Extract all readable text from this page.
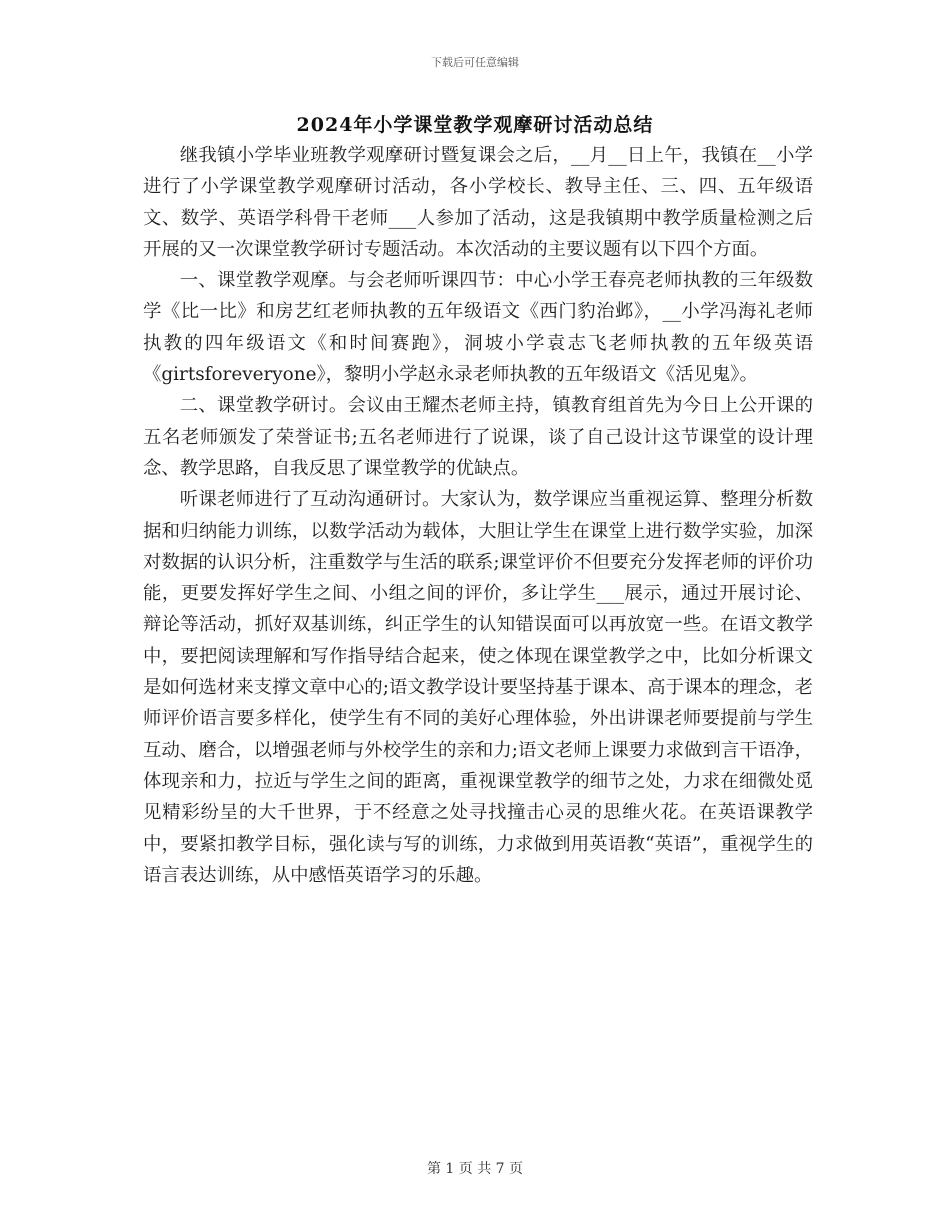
下载后可任意编辑
2024年小学课堂教学观摩研讨活动总结

继我镇小学毕业班教学观摩研讨暨复课会之后，__月__日上午，我镇在__小学进行了小学课堂教学观摩研讨活动，各小学校长、教导主任、三、四、五年级语文、数学、英语学科骨干老师___人参加了活动，这是我镇期中教学质量检测之后开展的又一次课堂教学研讨专题活动。本次活动的主要议题有以下四个方面。

一、课堂教学观摩。与会老师听课四节：中心小学王春亮老师执教的三年级数学《比一比》和房艺红老师执教的五年级语文《西门豹治邺》，__小学冯海礼老师执教的四年级语文《和时间赛跑》，洞坡小学袁志飞老师执教的五年级英语《girtsforeveryone》，黎明小学赵永录老师执教的五年级语文《活见鬼》。

二、课堂教学研讨。会议由王耀杰老师主持，镇教育组首先为今日上公开课的五名老师颁发了荣誉证书;五名老师进行了说课，谈了自己设计这节课堂的设计理念、教学思路，自我反思了课堂教学的优缺点。

听课老师进行了互动沟通研讨。大家认为，数学课应当重视运算、整理分析数据和归纳能力训练，以数学活动为载体，大胆让学生在课堂上进行数学实验，加深对数据的认识分析，注重数学与生活的联系;课堂评价不但要充分发挥老师的评价功能，更要发挥好学生之间、小组之间的评价，多让学生___展示，通过开展讨论、辩论等活动，抓好双基训练，纠正学生的认知错误面可以再放宽一些。在语文教学中，要把阅读理解和写作指导结合起来，使之体现在课堂教学之中，比如分析课文是如何选材来支撑文章中心的;语文教学设计要坚持基于课本、高于课本的理念，老师评价语言要多样化，使学生有不同的美好心理体验，外出讲课老师要提前与学生互动、磨合，以增强老师与外校学生的亲和力;语文老师上课要力求做到言干语净，体现亲和力，拉近与学生之间的距离，重视课堂教学的细节之处，力求在细微处觅见精彩纷呈的大千世界，于不经意之处寻找撞击心灵的思维火花。在英语课教学中，要紧扣教学目标，强化读与写的训练，力求做到用英语教“英语”，重视学生的语言表达训练，从中感悟英语学习的乐趣。

第 1 页 共 7 页
